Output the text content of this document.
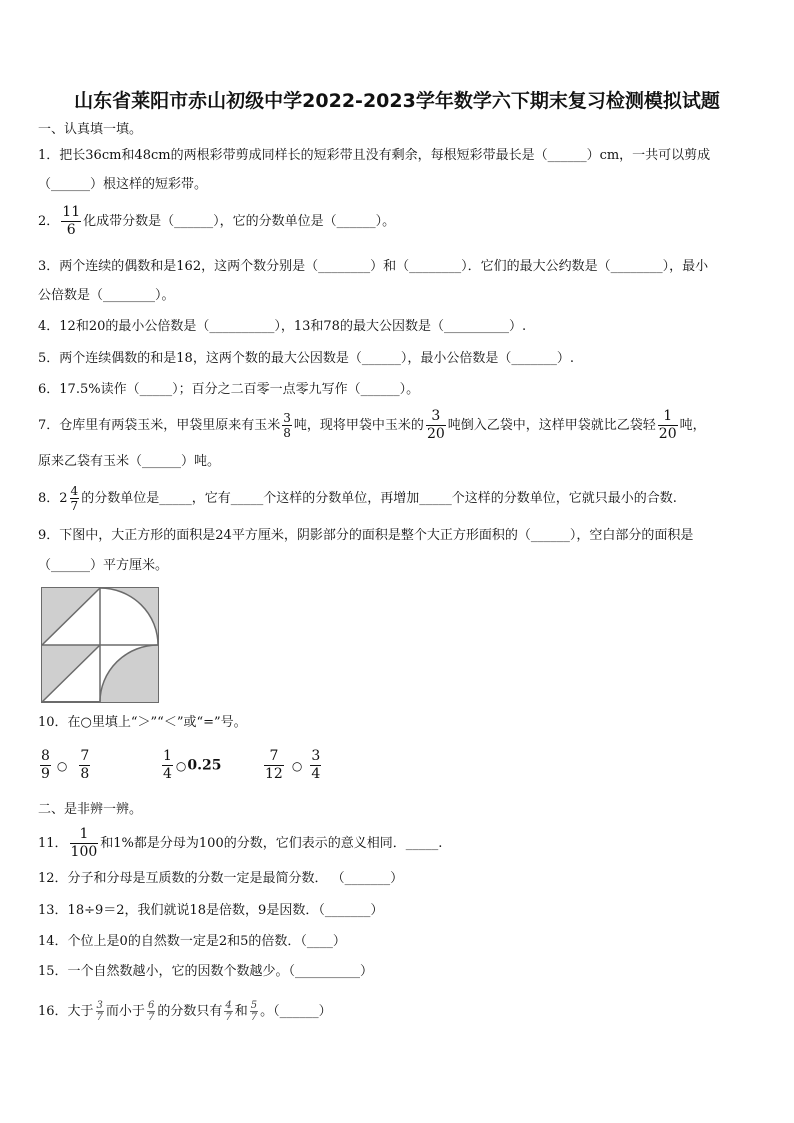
山东省莱阳市赤山初级中学2022-2023学年数学六下期末复习检测模拟试题
一、认真填一填。
1．把长36cm和48cm的两根彩带剪成同样长的短彩带且没有剩余，每根短彩带最长是（______）cm，一共可以剪成
（______）根这样的短彩带。
2． $\frac{11}{6}$ 化成带分数是（______），它的分数单位是（______）。
3．两个连续的偶数和是162，这两个数分别是（________）和（________）．它们的最大公约数是（________），最小
公倍数是（________）。
4．12和20的最小公倍数是（__________），13和78的最大公因数是（__________）.
5．两个连续偶数的和是18，这两个数的最大公因数是（______），最小公倍数是（_______）.
6．17.5%读作（_____）；百分之二百零一点零九写作（______）。
7．仓库里有两袋玉米，甲袋里原来有玉米 $\frac{3}{8}$ 吨，现将甲袋中玉米的 $\frac{3}{20}$ 吨倒入乙袋中，这样甲袋就比乙袋轻 $\frac{1}{20}$ 吨，
原来乙袋有玉米（______）吨。
8．$2 \frac{4}{7}$ 的分数单位是_____，它有_____个这样的分数单位，再增加_____个这样的分数单位，它就只最小的合数.
9．下图中，大正方形的面积是24平方厘米，阴影部分的面积是整个大正方形面积的（______），空白部分的面积是
（______）平方厘米。
10．在○里填上“＞”“＜”或“=”号。
$\frac{8}{9}$ ○ $\frac{7}{8}$	$\frac{1}{4}$ ○0.25	$\frac{7}{12}$ ○ $\frac{3}{4}$
二、是非辨一辨。
11． $\frac{1}{100}$ 和1%都是分母为100的分数，它们表示的意义相同．_____.
12．分子和分母是互质数的分数一定是最简分数． （_______）
13．18÷9＝2，我们就说18是倍数，9是因数．（_______）
14．个位上是0的自然数一定是2和5的倍数．（____）
15．一个自然数越小，它的因数个数越少。（__________）
16．大于 $\frac{3}{7}$ 而小于 $\frac{6}{7}$ 的分数只有 $\frac{4}{7}$ 和 $\frac{5}{7}$ 。（______）
